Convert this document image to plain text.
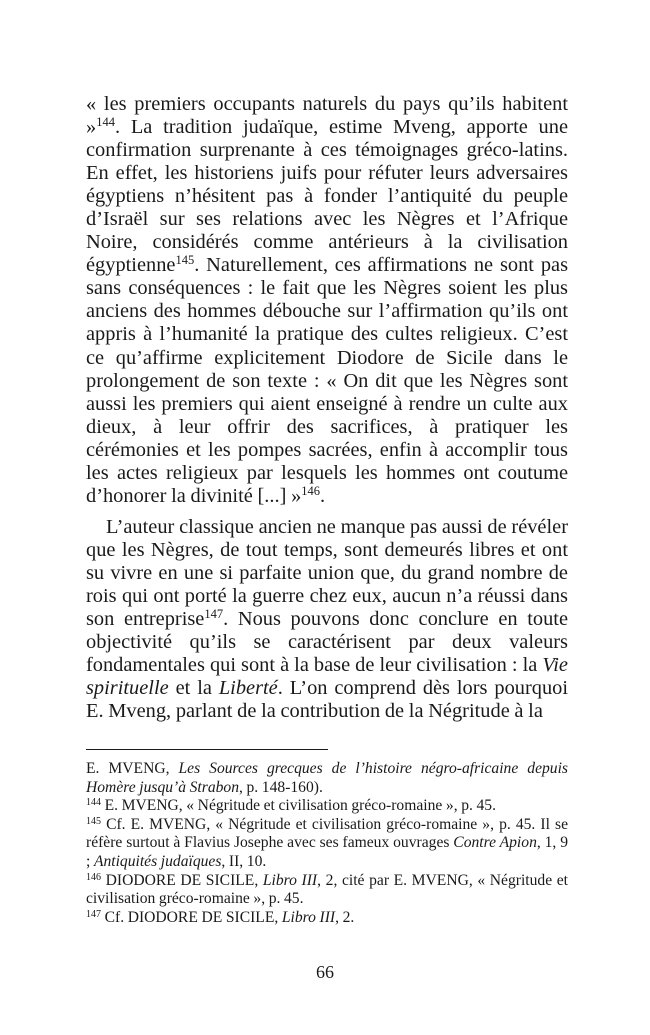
« les premiers occupants naturels du pays qu’ils habitent »$^{144}$. La tradition judaïque, estime Mveng, apporte une confirmation surprenante à ces témoignages gréco-latins. En effet, les historiens juifs pour réfuter leurs adversaires égyptiens n’hésitent pas à fonder l’antiquité du peuple d’Israël sur ses relations avec les Nègres et l’Afrique Noire, considérés comme antérieurs à la civilisation égyptienne$^{145}$. Naturellement, ces affirmations ne sont pas sans conséquences : le fait que les Nègres soient les plus anciens des hommes débouche sur l’affirmation qu’ils ont appris à l’humanité la pratique des cultes religieux. C’est ce qu’affirme explicitement Diodore de Sicile dans le prolongement de son texte : « On dit que les Nègres sont aussi les premiers qui aient enseigné à rendre un culte aux dieux, à leur offrir des sacrifices, à pratiquer les cérémonies et les pompes sacrées, enfin à accomplir tous les actes religieux par lesquels les hommes ont coutume d’honorer la divinité [...] »$^{146}$.

L’auteur classique ancien ne manque pas aussi de révéler que les Nègres, de tout temps, sont demeurés libres et ont su vivre en une si parfaite union que, du grand nombre de rois qui ont porté la guerre chez eux, aucun n’a réussi dans son entreprise$^{147}$. Nous pouvons donc conclure en toute objectivité qu’ils se caractérisent par deux valeurs fondamentales qui sont à la base de leur civilisation : la Vie spirituelle et la Liberté. L’on comprend dès lors pourquoi E. Mveng, parlant de la contribution de la Négritude à la

E. MVENG, Les Sources grecques de l’histoire négro-africaine depuis Homère jusqu’à Strabon, p. 148-160).

$^{144}$ E. MVENG, « Négritude et civilisation gréco-romaine », p. 45.

$^{145}$ Cf. E. MVENG, « Négritude et civilisation gréco-romaine », p. 45. Il se réfère surtout à Flavius Josephe avec ses fameux ouvrages Contre Apion, 1, 9 ; Antiquités judaïques, II, 10.

$^{146}$ DIODORE DE SICILE, Libro III, 2, cité par E. MVENG, « Négritude et civilisation gréco-romaine », p. 45.

$^{147}$ Cf. DIODORE DE SICILE, Libro III, 2.

66
